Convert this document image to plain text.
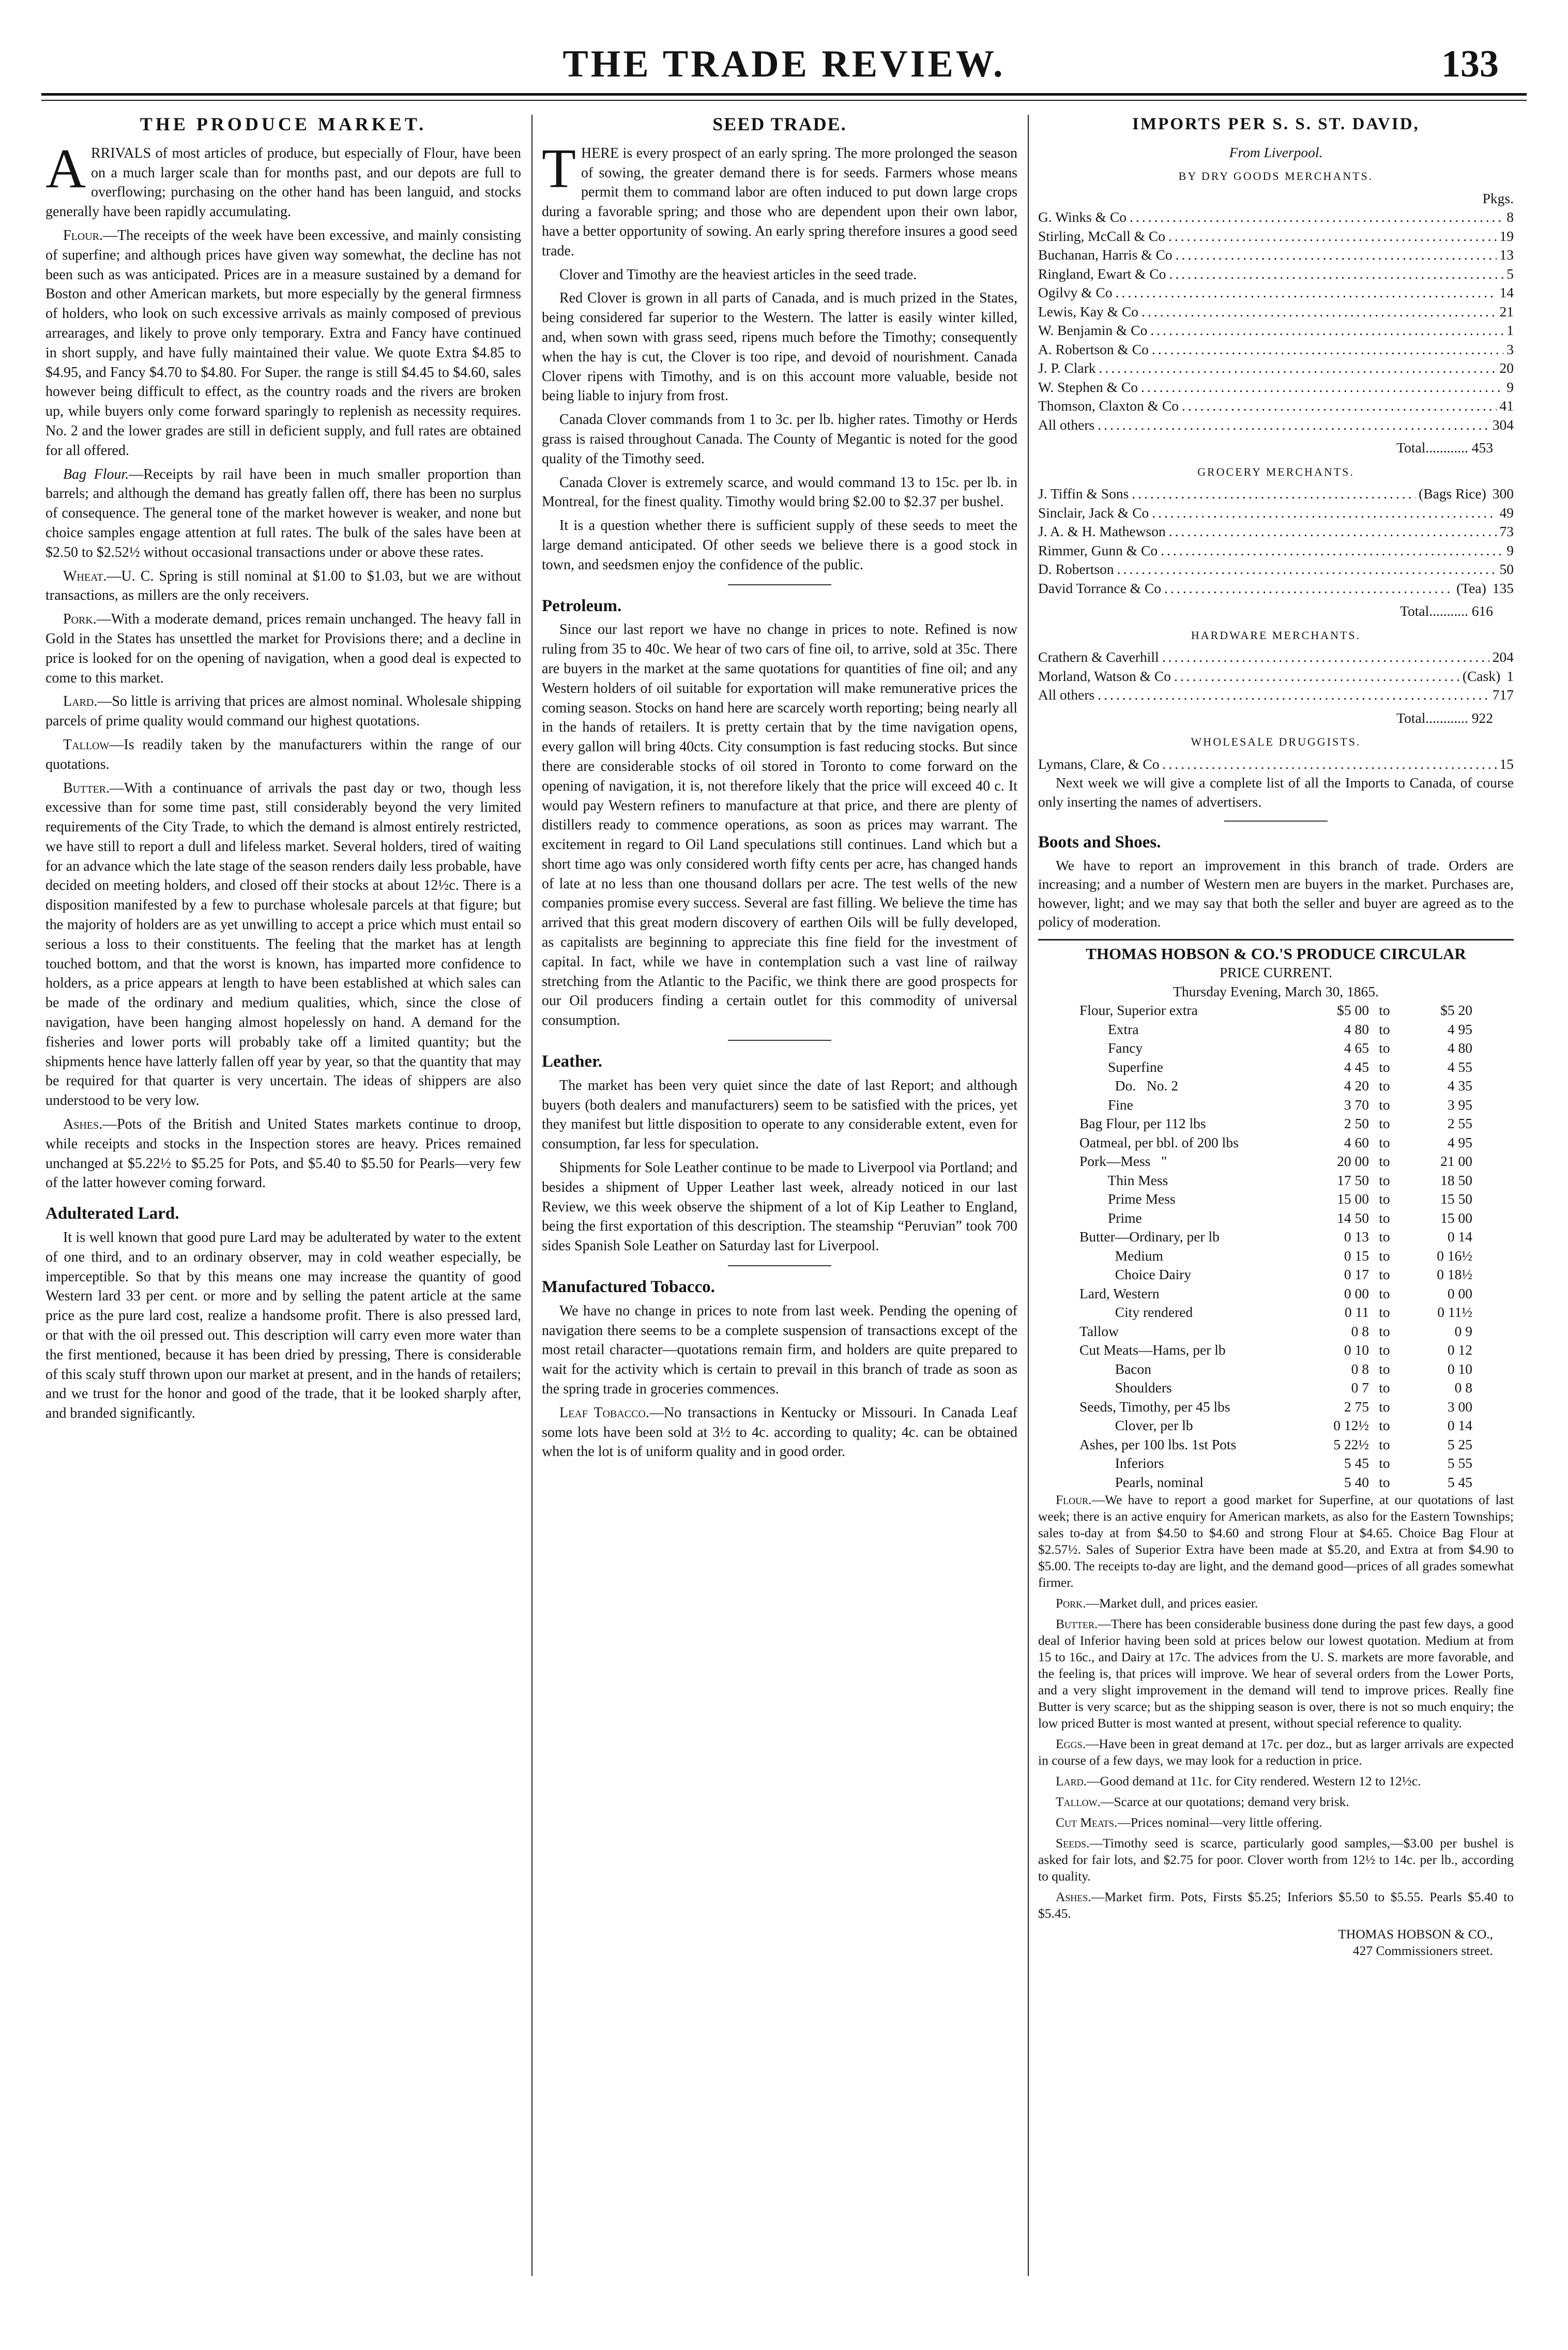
THE TRADE REVIEW.	133
THE PRODUCE MARKET.

ARRIVALS of most articles of produce, but especially of Flour, have been on a much larger scale than for months past, and our depots are full to overflowing; purchasing on the other hand has been languid, and stocks generally have been rapidly accumulating.

Flour.—The receipts of the week have been excessive, and mainly consisting of superfine; and although prices have given way somewhat, the decline has not been such as was anticipated. Prices are in a measure sustained by a demand for Boston and other American markets, but more especially by the general firmness of holders, who look on such excessive arrivals as mainly composed of previous arrearages, and likely to prove only temporary. Extra and Fancy have continued in short supply, and have fully maintained their value. We quote Extra $4.85 to $4.95, and Fancy $4.70 to $4.80. For Super. the range is still $4.45 to $4.60, sales however being difficult to effect, as the country roads and the rivers are broken up, while buyers only come forward sparingly to replenish as necessity requires. No. 2 and the lower grades are still in deficient supply, and full rates are obtained for all offered.

Bag Flour.—Receipts by rail have been in much smaller proportion than barrels; and although the demand has greatly fallen off, there has been no surplus of consequence. The general tone of the market however is weaker, and none but choice samples engage attention at full rates. The bulk of the sales have been at $2.50 to $2.52½ without occasional transactions under or above these rates.

Wheat.—U. C. Spring is still nominal at $1.00 to $1.03, but we are without transactions, as millers are the only receivers.

Pork.—With a moderate demand, prices remain unchanged. The heavy fall in Gold in the States has unsettled the market for Provisions there; and a decline in price is looked for on the opening of navigation, when a good deal is expected to come to this market.

Lard.—So little is arriving that prices are almost nominal. Wholesale shipping parcels of prime quality would command our highest quotations.

Tallow—Is readily taken by the manufacturers within the range of our quotations.

Butter.—With a continuance of arrivals the past day or two, though less excessive than for some time past, still considerably beyond the very limited requirements of the City Trade, to which the demand is almost entirely restricted, we have still to report a dull and lifeless market. Several holders, tired of waiting for an advance which the late stage of the season renders daily less probable, have decided on meeting holders, and closed off their stocks at about 12½c. There is a disposition manifested by a few to purchase wholesale parcels at that figure; but the majority of holders are as yet unwilling to accept a price which must entail so serious a loss to their constituents. The feeling that the market has at length touched bottom, and that the worst is known, has imparted more confidence to holders, as a price appears at length to have been established at which sales can be made of the ordinary and medium qualities, which, since the close of navigation, have been hanging almost hopelessly on hand. A demand for the fisheries and lower ports will probably take off a limited quantity; but the shipments hence have latterly fallen off year by year, so that the quantity that may be required for that quarter is very uncertain. The ideas of shippers are also understood to be very low.

Ashes.—Pots of the British and United States markets continue to droop, while receipts and stocks in the Inspection stores are heavy. Prices remained unchanged at $5.22½ to $5.25 for Pots, and $5.40 to $5.50 for Pearls—very few of the latter however coming forward.

Adulterated Lard.

It is well known that good pure Lard may be adulterated by water to the extent of one third, and to an ordinary observer, may in cold weather especially, be imperceptible. So that by this means one may increase the quantity of good Western lard 33 per cent. or more and by selling the patent article at the same price as the pure lard cost, realize a handsome profit. There is also pressed lard, or that with the oil pressed out. This description will carry even more water than the first mentioned, because it has been dried by pressing, There is considerable of this scaly stuff thrown upon our market at present, and in the hands of retailers; and we trust for the honor and good of the trade, that it be looked sharply after, and branded significantly.

SEED TRADE.

THERE is every prospect of an early spring. The more prolonged the season of sowing, the greater demand there is for seeds. Farmers whose means permit them to command labor are often induced to put down large crops during a favorable spring; and those who are dependent upon their own labor, have a better opportunity of sowing. An early spring therefore insures a good seed trade.

Clover and Timothy are the heaviest articles in the seed trade.

Red Clover is grown in all parts of Canada, and is much prized in the States, being considered far superior to the Western. The latter is easily winter killed, and, when sown with grass seed, ripens much before the Timothy; consequently when the hay is cut, the Clover is too ripe, and devoid of nourishment. Canada Clover ripens with Timothy, and is on this account more valuable, beside not being liable to injury from frost.

Canada Clover commands from 1 to 3c. per lb. higher rates. Timothy or Herds grass is raised throughout Canada. The County of Megantic is noted for the good quality of the Timothy seed.

Canada Clover is extremely scarce, and would command 13 to 15c. per lb. in Montreal, for the finest quality. Timothy would bring $2.00 to $2.37 per bushel.

It is a question whether there is sufficient supply of these seeds to meet the large demand anticipated. Of other seeds we believe there is a good stock in town, and seedsmen enjoy the confidence of the public.

Petroleum.

Since our last report we have no change in prices to note. Refined is now ruling from 35 to 40c. We hear of two cars of fine oil, to arrive, sold at 35c. There are buyers in the market at the same quotations for quantities of fine oil; and any Western holders of oil suitable for exportation will make remunerative prices the coming season. Stocks on hand here are scarcely worth reporting; being nearly all in the hands of retailers. It is pretty certain that by the time navigation opens, every gallon will bring 40cts. City consumption is fast reducing stocks. But since there are considerable stocks of oil stored in Toronto to come forward on the opening of navigation, it is, not therefore likely that the price will exceed 40 c. It would pay Western refiners to manufacture at that price, and there are plenty of distillers ready to commence operations, as soon as prices may warrant. The excitement in regard to Oil Land speculations still continues. Land which but a short time ago was only considered worth fifty cents per acre, has changed hands of late at no less than one thousand dollars per acre. The test wells of the new companies promise every success. Several are fast filling. We believe the time has arrived that this great modern discovery of earthen Oils will be fully developed, as capitalists are beginning to appreciate this fine field for the investment of capital. In fact, while we have in contemplation such a vast line of railway stretching from the Atlantic to the Pacific, we think there are good prospects for our Oil producers finding a certain outlet for this commodity of universal consumption.

Leather.

The market has been very quiet since the date of last Report; and although buyers (both dealers and manufacturers) seem to be satisfied with the prices, yet they manifest but little disposition to operate to any considerable extent, even for consumption, far less for speculation.

Shipments for Sole Leather continue to be made to Liverpool via Portland; and besides a shipment of Upper Leather last week, already noticed in our last Review, we this week observe the shipment of a lot of Kip Leather to England, being the first exportation of this description. The steamship “Peruvian” took 700 sides Spanish Sole Leather on Saturday last for Liverpool.

Manufactured Tobacco.

We have no change in prices to note from last week. Pending the opening of navigation there seems to be a complete suspension of transactions except of the most retail character—quotations remain firm, and holders are quite prepared to wait for the activity which is certain to prevail in this branch of trade as soon as the spring trade in groceries commences.

Leaf Tobacco.—No transactions in Kentucky or Missouri. In Canada Leaf some lots have been sold at 3½ to 4c. according to quality; 4c. can be obtained when the lot is of uniform quality and in good order.

IMPORTS PER S. S. ST. DAVID,
From Liverpool.
BY DRY GOODS MERCHANTS.
Pkgs.
G. Winks & Co .....	8
Stirling, McCall & Co .....	19
Buchanan, Harris & Co .....	13
Ringland, Ewart & Co .....	5
Ogilvy & Co .....	14
Lewis, Kay & Co .....	21
W. Benjamin & Co .....	1
A. Robertson & Co .....	3
J. P. Clark .....	20
W. Stephen & Co .....	9
Thomson, Claxton & Co .....	41
All others .....	304
Total............ 453
GROCERY MERCHANTS.
J. Tiffin & Sons .....	(Bags Rice) 300
Sinclair, Jack & Co .....	49
J. A. & H. Mathewson .....	73
Rimmer, Gunn & Co .....	9
D. Robertson .....	50
David Torrance & Co .....	(Tea) 135
Total........... 616
HARDWARE MERCHANTS.
Crathern & Caverhill .....	204
Morland, Watson & Co .....	(Cask) 1
All others .....	717
Total............ 922
WHOLESALE DRUGGISTS.
Lymans, Clare, & Co .....	15

Next week we will give a complete list of all the Imports to Canada, of course only inserting the names of advertisers.

Boots and Shoes.

We have to report an improvement in this branch of trade. Orders are increasing; and a number of Western men are buyers in the market. Purchases are, however, light; and we may say that both the seller and buyer are agreed as to the policy of moderation.

THOMAS HOBSON & CO.'S PRODUCE CIRCULAR
PRICE CURRENT.
Thursday Evening, March 30, 1865.
Flour, Superior extra	$5 00 to	$5 20
Extra	4 80 to	4 95
Fancy	4 65 to	4 80
Superfine	4 45 to	4 55
Do.   No. 2	4 20 to	4 35
Fine	3 70 to	3 95
Bag Flour, per 112 lbs	2 50 to	2 55
Oatmeal, per bbl. of 200 lbs	4 60 to	4 95
Pork—Mess   "	20 00 to	21 00
Thin Mess	17 50 to	18 50
Prime Mess	15 00 to	15 50
Prime	14 50 to	15 00
Butter—Ordinary, per lb	0 13 to	0 14
Medium	0 15 to	0 16½
Choice Dairy	0 17 to	0 18½
Lard, Western	0 00 to	0 00
City rendered	0 11 to	0 11½
Tallow	0 8 to	0 9
Cut Meats—Hams, per lb	0 10 to	0 12
Bacon	0 8 to	0 10
Shoulders	0 7 to	0 8
Seeds, Timothy, per 45 lbs	2 75 to	3 00
Clover, per lb	0 12½ to	0 14
Ashes, per 100 lbs. 1st Pots	5 22½ to	5 25
Inferiors	5 45 to	5 55
Pearls, nominal	5 40 to	5 45

Flour.—We have to report a good market for Superfine, at our quotations of last week; there is an active enquiry for American markets, as also for the Eastern Townships; sales to-day at from $4.50 to $4.60 and strong Flour at $4.65. Choice Bag Flour at $2.57½. Sales of Superior Extra have been made at $5.20, and Extra at from $4.90 to $5.00. The receipts to-day are light, and the demand good—prices of all grades somewhat firmer.

Pork.—Market dull, and prices easier.

Butter.—There has been considerable business done during the past few days, a good deal of Inferior having been sold at prices below our lowest quotation. Medium at from 15 to 16c., and Dairy at 17c. The advices from the U. S. markets are more favorable, and the feeling is, that prices will improve. We hear of several orders from the Lower Ports, and a very slight improvement in the demand will tend to improve prices. Really fine Butter is very scarce; but as the shipping season is over, there is not so much enquiry; the low priced Butter is most wanted at present, without special reference to quality.

Eggs.—Have been in great demand at 17c. per doz., but as larger arrivals are expected in course of a few days, we may look for a reduction in price.

Lard.—Good demand at 11c. for City rendered. Western 12 to 12½c.

Tallow.—Scarce at our quotations; demand very brisk.

Cut Meats.—Prices nominal—very little offering.

Seeds.—Timothy seed is scarce, particularly good samples,—$3.00 per bushel is asked for fair lots, and $2.75 for poor. Clover worth from 12½ to 14c. per lb., according to quality.

Ashes.—Market firm. Pots, Firsts $5.25; Inferiors $5.50 to $5.55. Pearls $5.40 to $5.45.

THOMAS HOBSON & CO.,
427 Commissioners street.
